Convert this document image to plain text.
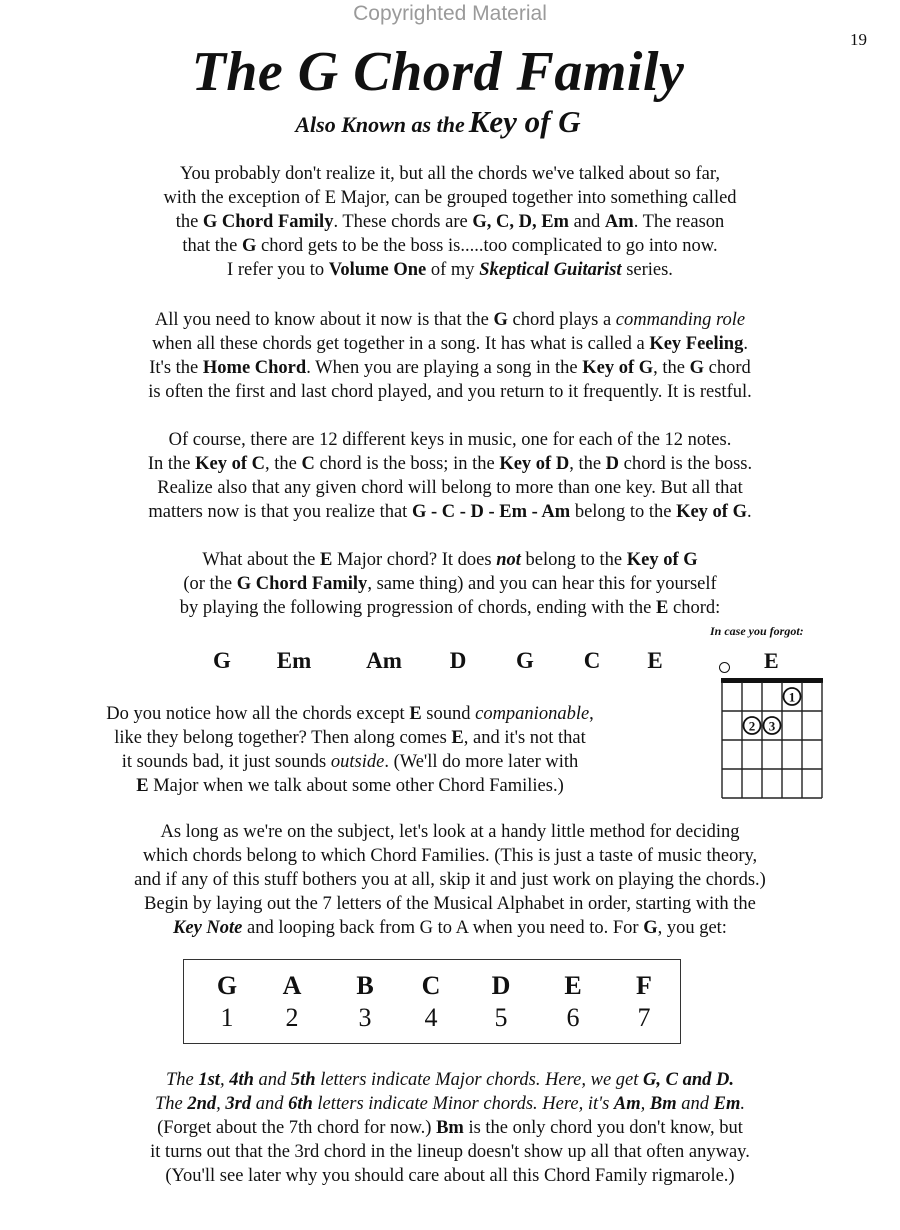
Copyrighted Material
19
The G Chord Family
Also Known as the Key of G
You probably don't realize it, but all the chords we've talked about so far,
with the exception of E Major, can be grouped together into something called
the G Chord Family. These chords are G, C, D, Em and Am. The reason
that the G chord gets to be the boss is.....too complicated to go into now.
I refer you to Volume One of my Skeptical Guitarist series.
All you need to know about it now is that the G chord plays a commanding role
when all these chords get together in a song. It has what is called a Key Feeling.
It's the Home Chord. When you are playing a song in the Key of G, the G chord
is often the first and last chord played, and you return to it frequently. It is restful.
Of course, there are 12 different keys in music, one for each of the 12 notes.
In the Key of C, the C chord is the boss; in the Key of D, the D chord is the boss.
Realize also that any given chord will belong to more than one key. But all that
matters now is that you realize that G - C - D - Em - Am belong to the Key of G.
What about the E Major chord? It does not belong to the Key of G
(or the G Chord Family, same thing) and you can hear this for yourself
by playing the following progression of chords, ending with the E chord:
In case you forgot:
G Em Am D G C E
Do you notice how all the chords except E sound companionable,
like they belong together? Then along comes E, and it's not that
it sounds bad, it just sounds outside. (We'll do more later with
E Major when we talk about some other Chord Families.)
E
1
2 3
As long as we're on the subject, let's look at a handy little method for deciding
which chords belong to which Chord Families. (This is just a taste of music theory,
and if any of this stuff bothers you at all, skip it and just work on playing the chords.)
Begin by laying out the 7 letters of the Musical Alphabet in order, starting with the
Key Note and looping back from G to A when you need to. For G, you get:
G
1
A
2
B
3
C
4
D
5
E
6
F
7
The 1st, 4th and 5th letters indicate Major chords. Here, we get G, C and D.
The 2nd, 3rd and 6th letters indicate Minor chords. Here, it's Am, Bm and Em.
(Forget about the 7th chord for now.) Bm is the only chord you don't know, but
it turns out that the 3rd chord in the lineup doesn't show up all that often anyway.
(You'll see later why you should care about all this Chord Family rigmarole.)
